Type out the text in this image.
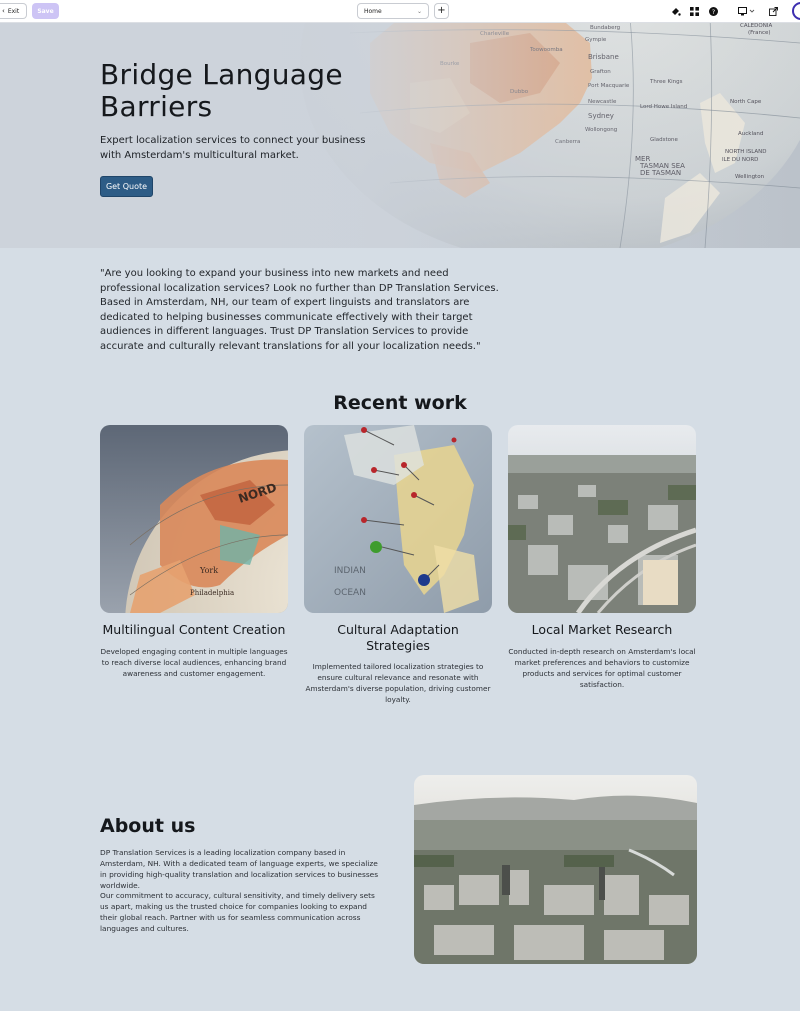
‹ Exit	Save	Home	⌄	+	?
Bridge Language
Barriers

Expert localization services to connect your business with Amsterdam's multicultural market.

Get Quote

"Are you looking to expand your business into new markets and need professional localization services? Look no further than DP Translation Services. Based in Amsterdam, NH, our team of expert linguists and translators are dedicated to helping businesses communicate effectively with their target audiences in different languages. Trust DP Translation Services to provide accurate and culturally relevant translations for all your localization needs."

Recent work
NORD
York
Philadelphia
INDIAN
OCEAN
Multilingual Content Creation	Cultural Adaptation
Strategies
Local Market Research

Developed engaging content in multiple languages to reach diverse local audiences, enhancing brand awareness and customer engagement.

Implemented tailored localization strategies to ensure cultural relevance and resonate with Amsterdam's diverse population, driving customer loyalty.

Conducted in-depth research on Amsterdam's local market preferences and behaviors to customize products and services for optimal customer satisfaction.

About us

DP Translation Services is a leading localization company based in Amsterdam, NH. With a dedicated team of language experts, we specialize in providing high-quality translation and localization services to businesses worldwide.

Our commitment to accuracy, cultural sensitivity, and timely delivery sets us apart, making us the trusted choice for companies looking to expand their global reach. Partner with us for seamless communication across languages and cultures.
